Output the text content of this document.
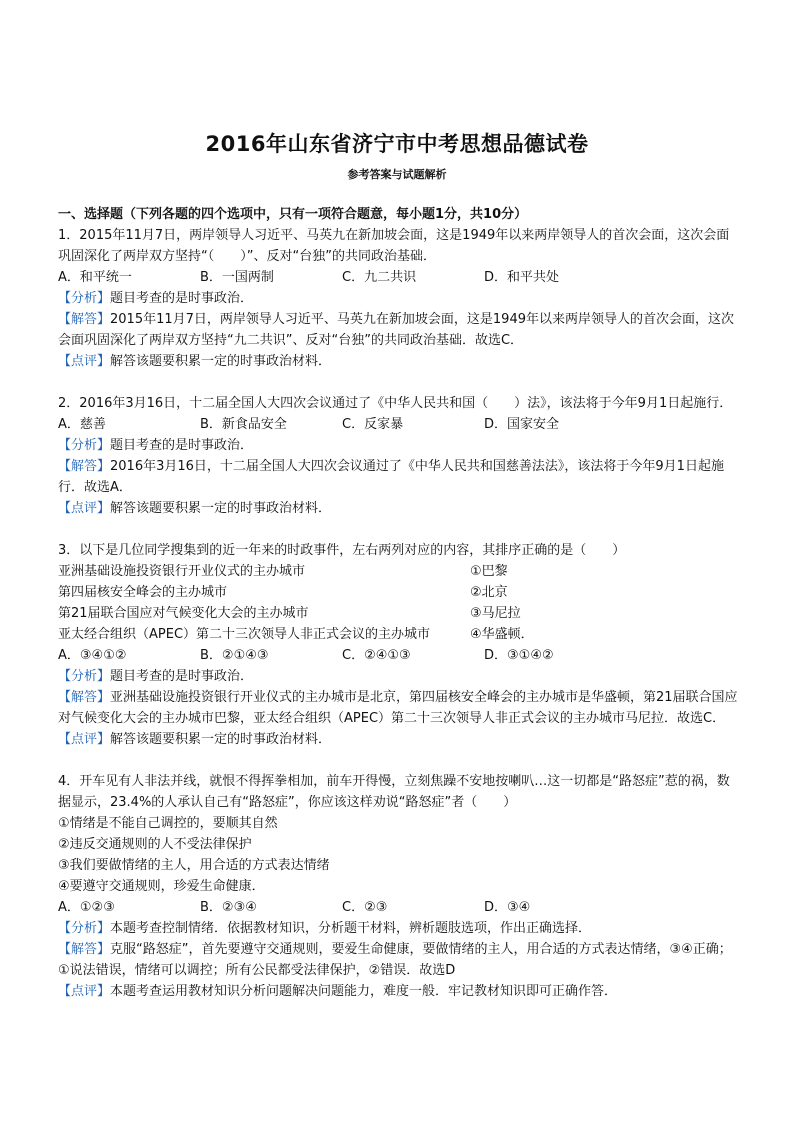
2016年山东省济宁市中考思想品德试卷
参考答案与试题解析

一、选择题（下列各题的四个选项中，只有一项符合题意，每小题1分，共10分）

1．2015年11月7日，两岸领导人习近平、马英九在新加坡会面，这是1949年以来两岸领导人的首次会面，这次会面巩固深化了两岸双方坚持“（　　）”、反对“台独”的共同政治基础．

A．和平统一	B．一国两制	C．九二共识	D．和平共处

【分析】题目考查的是时事政治．

【解答】2015年11月7日，两岸领导人习近平、马英九在新加坡会面，这是1949年以来两岸领导人的首次会面，这次会面巩固深化了两岸双方坚持“九二共识”、反对“台独”的共同政治基础．故选C．

【点评】解答该题要积累一定的时事政治材料．

2．2016年3月16日，十二届全国人大四次会议通过了《中华人民共和国（　　）法》，该法将于今年9月1日起施行．

A．慈善	B．新食品安全	C．反家暴	D．国家安全

【分析】题目考查的是时事政治．

【解答】2016年3月16日，十二届全国人大四次会议通过了《中华人民共和国慈善法法》，该法将于今年9月1日起施行．故选A．

【点评】解答该题要积累一定的时事政治材料．

3．以下是几位同学搜集到的近一年来的时政事件，左右两列对应的内容，其排序正确的是（　　）

亚洲基础设施投资银行开业仪式的主办城市	①巴黎
第四届核安全峰会的主办城市	②北京
第21届联合国应对气候变化大会的主办城市	③马尼拉
亚太经合组织（APEC）第二十三次领导人非正式会议的主办城市	④华盛顿．
A．③④①②	B．②①④③	C．②④①③	D．③①④②

【分析】题目考查的是时事政治．

【解答】亚洲基础设施投资银行开业仪式的主办城市是北京，第四届核安全峰会的主办城市是华盛顿，第21届联合国应对气候变化大会的主办城市巴黎，亚太经合组织（APEC）第二十三次领导人非正式会议的主办城市马尼拉．故选C．

【点评】解答该题要积累一定的时事政治材料．

4．开车见有人非法并线，就恨不得挥拳相加，前车开得慢，立刻焦躁不安地按喇叭…这一切都是“路怒症”惹的祸，数据显示，23.4%的人承认自己有“路怒症”，你应该这样劝说“路怒症”者（　　）

①情绪是不能自己调控的，要顺其自然

②违反交通规则的人不受法律保护

③我们要做情绪的主人，用合适的方式表达情绪

④要遵守交通规则，珍爱生命健康．

A．①②③	B．②③④	C．②③	D．③④

【分析】本题考查控制情绪．依据教材知识，分析题干材料，辨析题肢选项，作出正确选择．

【解答】克服“路怒症”，首先要遵守交通规则，要爱生命健康，要做情绪的主人，用合适的方式表达情绪，③④正确；①说法错误，情绪可以调控；所有公民都受法律保护，②错误．故选D

【点评】本题考查运用教材知识分析问题解决问题能力，难度一般．牢记教材知识即可正确作答．
